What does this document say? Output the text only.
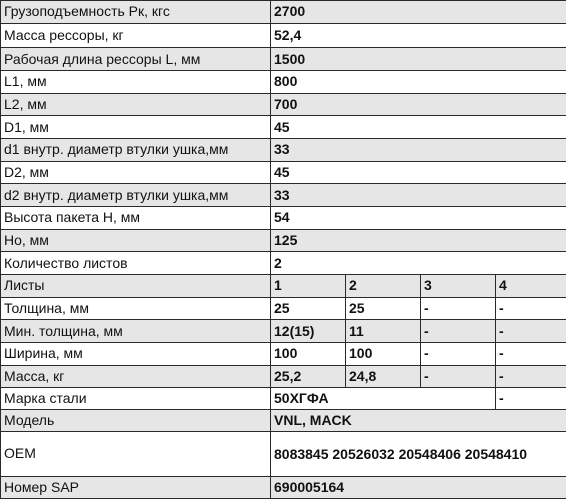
Грузоподъемность Рк, кгс	2700			
Масса рессоры, кг	52,4			
Рабочая длина рессоры L, мм	1500			
L1, мм	800			
L2, мм	700			
D1, мм	45			
d1 внутр. диаметр втулки ушка,мм	33			
D2, мм	45			
d2 внутр. диаметр втулки ушка,мм	33			
Высота пакета H, мм	54			
Но, мм	125			
Количество листов	2			
Листы	1	2	3	4
Толщина, мм	25	25	-	-
Мин. толщина, мм	12(15)	11	-	-
Ширина, мм	100	100	-	-
Масса, кг	25,2	24,8	-	-
Марка стали	50ХГФА			-
Модель	VNL, MACK			
OEM	8083845 20526032 20548406 20548410			
Номер SAP	690005164			
